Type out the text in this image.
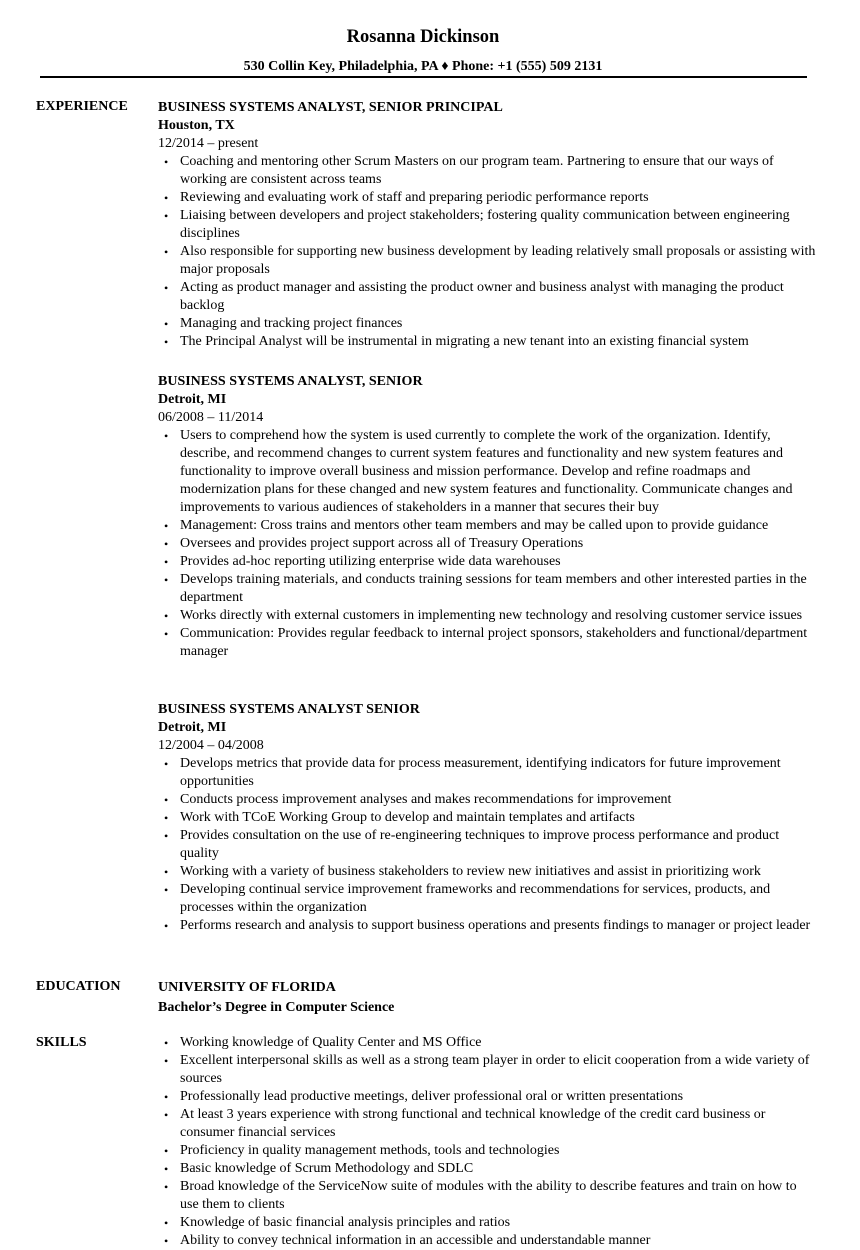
Rosanna Dickinson
530 Collin Key, Philadelphia, PA ♦ Phone: +1 (555) 509 2131
EXPERIENCE BUSINESS SYSTEMS ANALYST, SENIOR PRINCIPAL
Houston, TX
12/2014 – present
• Coaching and mentoring other Scrum Masters on our program team. Partnering to ensure that our ways of working are consistent across teams
• Reviewing and evaluating work of staff and preparing periodic performance reports
• Liaising between developers and project stakeholders; fostering quality communication between engineering disciplines
• Also responsible for supporting new business development by leading relatively small proposals or assisting with major proposals
• Acting as product manager and assisting the product owner and business analyst with managing the product backlog
• Managing and tracking project finances
• The Principal Analyst will be instrumental in migrating a new tenant into an existing financial system
BUSINESS SYSTEMS ANALYST, SENIOR
Detroit, MI
06/2008 – 11/2014
• Users to comprehend how the system is used currently to complete the work of the organization. Identify, describe, and recommend changes to current system features and functionality and new system features and functionality to improve overall business and mission performance. Develop and refine roadmaps and modernization plans for these changed and new system features and functionality. Communicate changes and improvements to various audiences of stakeholders in a manner that secures their buy
• Management: Cross trains and mentors other team members and may be called upon to provide guidance
• Oversees and provides project support across all of Treasury Operations
• Provides ad-hoc reporting utilizing enterprise wide data warehouses
• Develops training materials, and conducts training sessions for team members and other interested parties in the department
• Works directly with external customers in implementing new technology and resolving customer service issues
• Communication: Provides regular feedback to internal project sponsors, stakeholders and functional/department manager
BUSINESS SYSTEMS ANALYST SENIOR
Detroit, MI
12/2004 – 04/2008
• Develops metrics that provide data for process measurement, identifying indicators for future improvement opportunities
• Conducts process improvement analyses and makes recommendations for improvement
• Work with TCoE Working Group to develop and maintain templates and artifacts
• Provides consultation on the use of re-engineering techniques to improve process performance and product quality
• Working with a variety of business stakeholders to review new initiatives and assist in prioritizing work
• Developing continual service improvement frameworks and recommendations for services, products, and processes within the organization
• Performs research and analysis to support business operations and presents findings to manager or project leader
EDUCATION	UNIVERSITY OF FLORIDA
Bachelor’s Degree in Computer Science
SKILLS	• Working knowledge of Quality Center and MS Office
• Excellent interpersonal skills as well as a strong team player in order to elicit cooperation from a wide variety of sources
• Professionally lead productive meetings, deliver professional oral or written presentations
• At least 3 years experience with strong functional and technical knowledge of the credit card business or consumer financial services
• Proficiency in quality management methods, tools and technologies
• Basic knowledge of Scrum Methodology and SDLC
• Broad knowledge of the ServiceNow suite of modules with the ability to describe features and train on how to use them to clients
• Knowledge of basic financial analysis principles and ratios
• Ability to convey technical information in an accessible and understandable manner
